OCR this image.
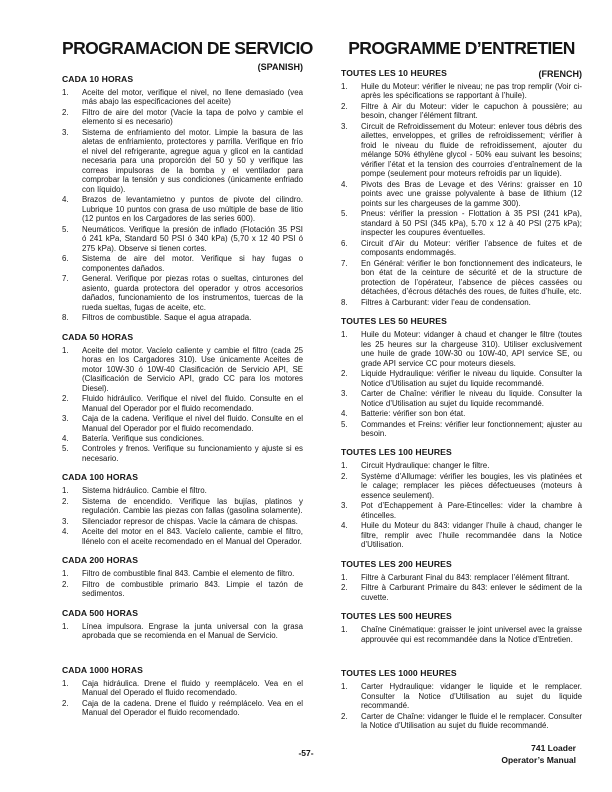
PROGRAMACION DE SERVICIO
(SPANISH)
CADA 10 HORAS
1.	Aceite del motor, verifique el nivel, no llene demasiado (vea más abajo las especificaciones del aceite)
2.	Filtro de aire del motor (Vacíe la tapa de polvo y cambie el elemento si es necesario)
3.	Sistema de enfriamiento del motor. Limpie la basura de las aletas de enfriamiento, protectores y parrilla. Verifique en frío el nivel del refrigerante, agregue agua y glicol en la cantidad necesaria para una proporción del 50 y 50 y verifique las correas impulsoras de la bomba y el ventilador para comprobar la tensión y sus condiciones (únicamente enfriado con líquido).
4.	Brazos de levantamietno y puntos de pivote del cilindro. Lubrique 10 puntos con grasa de uso múltiple de base de litio (12 puntos en los Cargadores de las series 600).
5.	Neumáticos. Verifique la presión de inflado (Flotación 35 PSI ó 241 kPa, Standard 50 PSI ó 340 kPa) (5,70 x 12 40 PSI ó 275 kPa). Observe si tienen cortes.
6.	Sistema de aire del motor. Verifique si hay fugas o componentes dañados.
7.	General. Verifique por piezas rotas o sueltas, cinturones del asiento, guarda protectora del operador y otros accesorios dañados, funcionamiento de los instrumentos, tuercas de la rueda sueltas, fugas de aceite, etc.
8.	Filtros de combustible. Saque el agua atrapada.
CADA 50 HORAS
1.	Aceite del motor. Vacíelo caliente y cambie el filtro (cada 25 horas en los Cargadores 310). Use únicamente Aceites de motor 10W-30 ó 10W-40 Clasificación de Servicio API, SE (Clasificación de Servicio API, grado CC para los motores Diesel).
2.	Fluido hidráulico. Verifique el nivel del fluido. Consulte en el Manual del Operador por el fluido recomendado.
3.	Caja de la cadena. Verifique el nivel del fluido. Consulte en el Manual del Operador por el fluido recomendado.
4.	Batería. Verifique sus condiciones.
5.	Controles y frenos. Verifique su funcionamiento y ajuste si es necesario.
CADA 100 HORAS
1.	Sistema hidráulico. Cambie el filtro.
2.	Sistema de encendido. Verifique las bujías, platinos y regulación. Cambie las piezas con fallas (gasolina solamente).
3.	Silenciador represor de chispas. Vacíe la cámara de chispas.
4.	Aceite del motor en el 843. Vacíelo caliente, cambie el filtro, llénelo con el aceite recomendado en el Manual del Operador.
CADA 200 HORAS
1.	Filtro de combustible final 843. Cambie el elemento de filtro.
2.	Filtro de combustible primario 843. Limpie el tazón de sedimentos.
CADA 500 HORAS
1.	Línea impulsora. Engrase la junta universal con la grasa aprobada que se recomienda en el Manual de Servicio.
CADA 1000 HORAS
1.	Caja hidráulica. Drene el fluido y reemplácelo. Vea en el Manual del Operado el fluido recomendado.
2.	Caja de la cadena. Drene el fluido y reémplácelo. Vea en el Manual del Operador el fluido recomendado.
PROGRAMME D’ENTRETIEN
(FRENCH)
TOUTES LES 10 HEURES
1.	Huile du Moteur: vérifier le niveau; ne pas trop remplir (Voir ci-après les spécifications se rapportant à l’huile).
2.	Filtre à Air du Moteur: vider le capuchon à poussière; au besoin, changer l’élément filtrant.
3.	Circuit de Refroidissement du Moteur: enlever tous débris des ailettes, enveloppes, et grilles de refroidissement; vérifier à froid le niveau du fluide de refroidissement, ajouter du mélange 50% éthylène glycol - 50% eau suivant les besoins; vérifier l’état et la tension des courroies d’entraînement de la pompe (seulement pour moteurs refroidis par un liquide).
4.	Pivots des Bras de Levage et des Vérins: graisser en 10 points avec une graisse polyvalente à base de lithium (12 points sur les chargeuses de la gamme 300).
5.	Pneus: vérifier la pression - Flottation à 35 PSI (241 kPa), standard à 50 PSI (345 kPa), 5.70 x 12 à 40 PSI (275 kPa); inspecter les coupures éventuelles.
6.	Circuit d’Air du Moteur: vérifier l’absence de fuites et de composants endommagés.
7.	En Général: vérifier le bon fonctionnement des indicateurs, le bon état de la ceinture de sécurité et de la structure de protection de l’opérateur, l’absence de pièces cassées ou détachées, d’écrous détachés des roues, de fuites d’huile, etc.
8.	Filtres à Carburant: vider l’eau de condensation.
TOUTES LES 50 HEURES
1.	Huile du Moteur: vidanger à chaud et changer le filtre (toutes les 25 heures sur la chargeuse 310). Utiliser exclusivement une huile de grade 10W-30 ou 10W-40, API service SE, ou grade API service CC pour moteurs diesels.
2.	Liquide Hydraulique: vérifier le niveau du liquide. Consulter la Notice d’Utilisation au sujet du liquide recommandé.
3.	Carter de Chaîne: vérifier le niveau du liquide. Consulter la Notice d’Utilisation au sujet du liquide recommandé.
4.	Batterie: vérifier son bon état.
5.	Commandes et Freins: vérifier leur fonctionnement; ajuster au besoin.
TOUTES LES 100 HEURES
1.	Circuit Hydraulique: changer le filtre.
2.	Système d’Allumage: vérifier les bougies, les vis platinées et le calage; remplacer les pièces défectueuses (moteurs à essence seulement).
3.	Pot d’Echappement à Pare-Etincelles: vider la chambre à étincelles.
4.	Huile du Moteur du 843: vidanger l’huile à chaud, changer le filtre, remplir avec l’huile recommandée dans la Notice d’Utilisation.
TOUTES LES 200 HEURES
1.	Filtre à Carburant Final du 843: remplacer l’élément filtrant.
2.	Filtre à Carburant Primaire du 843: enlever le sédiment de la cuvette.
TOUTES LES 500 HEURES
1.	Chaîne Cinématique: graisser le joint universel avec la graisse approuvée qui est recommandée dans la Notice d’Entretien.
TOUTES LES 1000 HEURES
1.	Carter Hydraulique: vidanger le liquide et le remplacer. Consulter la Notice d’Utilisation au sujet du liquide recommandé.
2.	Carter de Chaîne: vidanger le fluide el le remplacer. Consulter la Notice d’Utilisation au sujet du fluide recommandé.
-57-	741 Loader
Operator’s Manual
